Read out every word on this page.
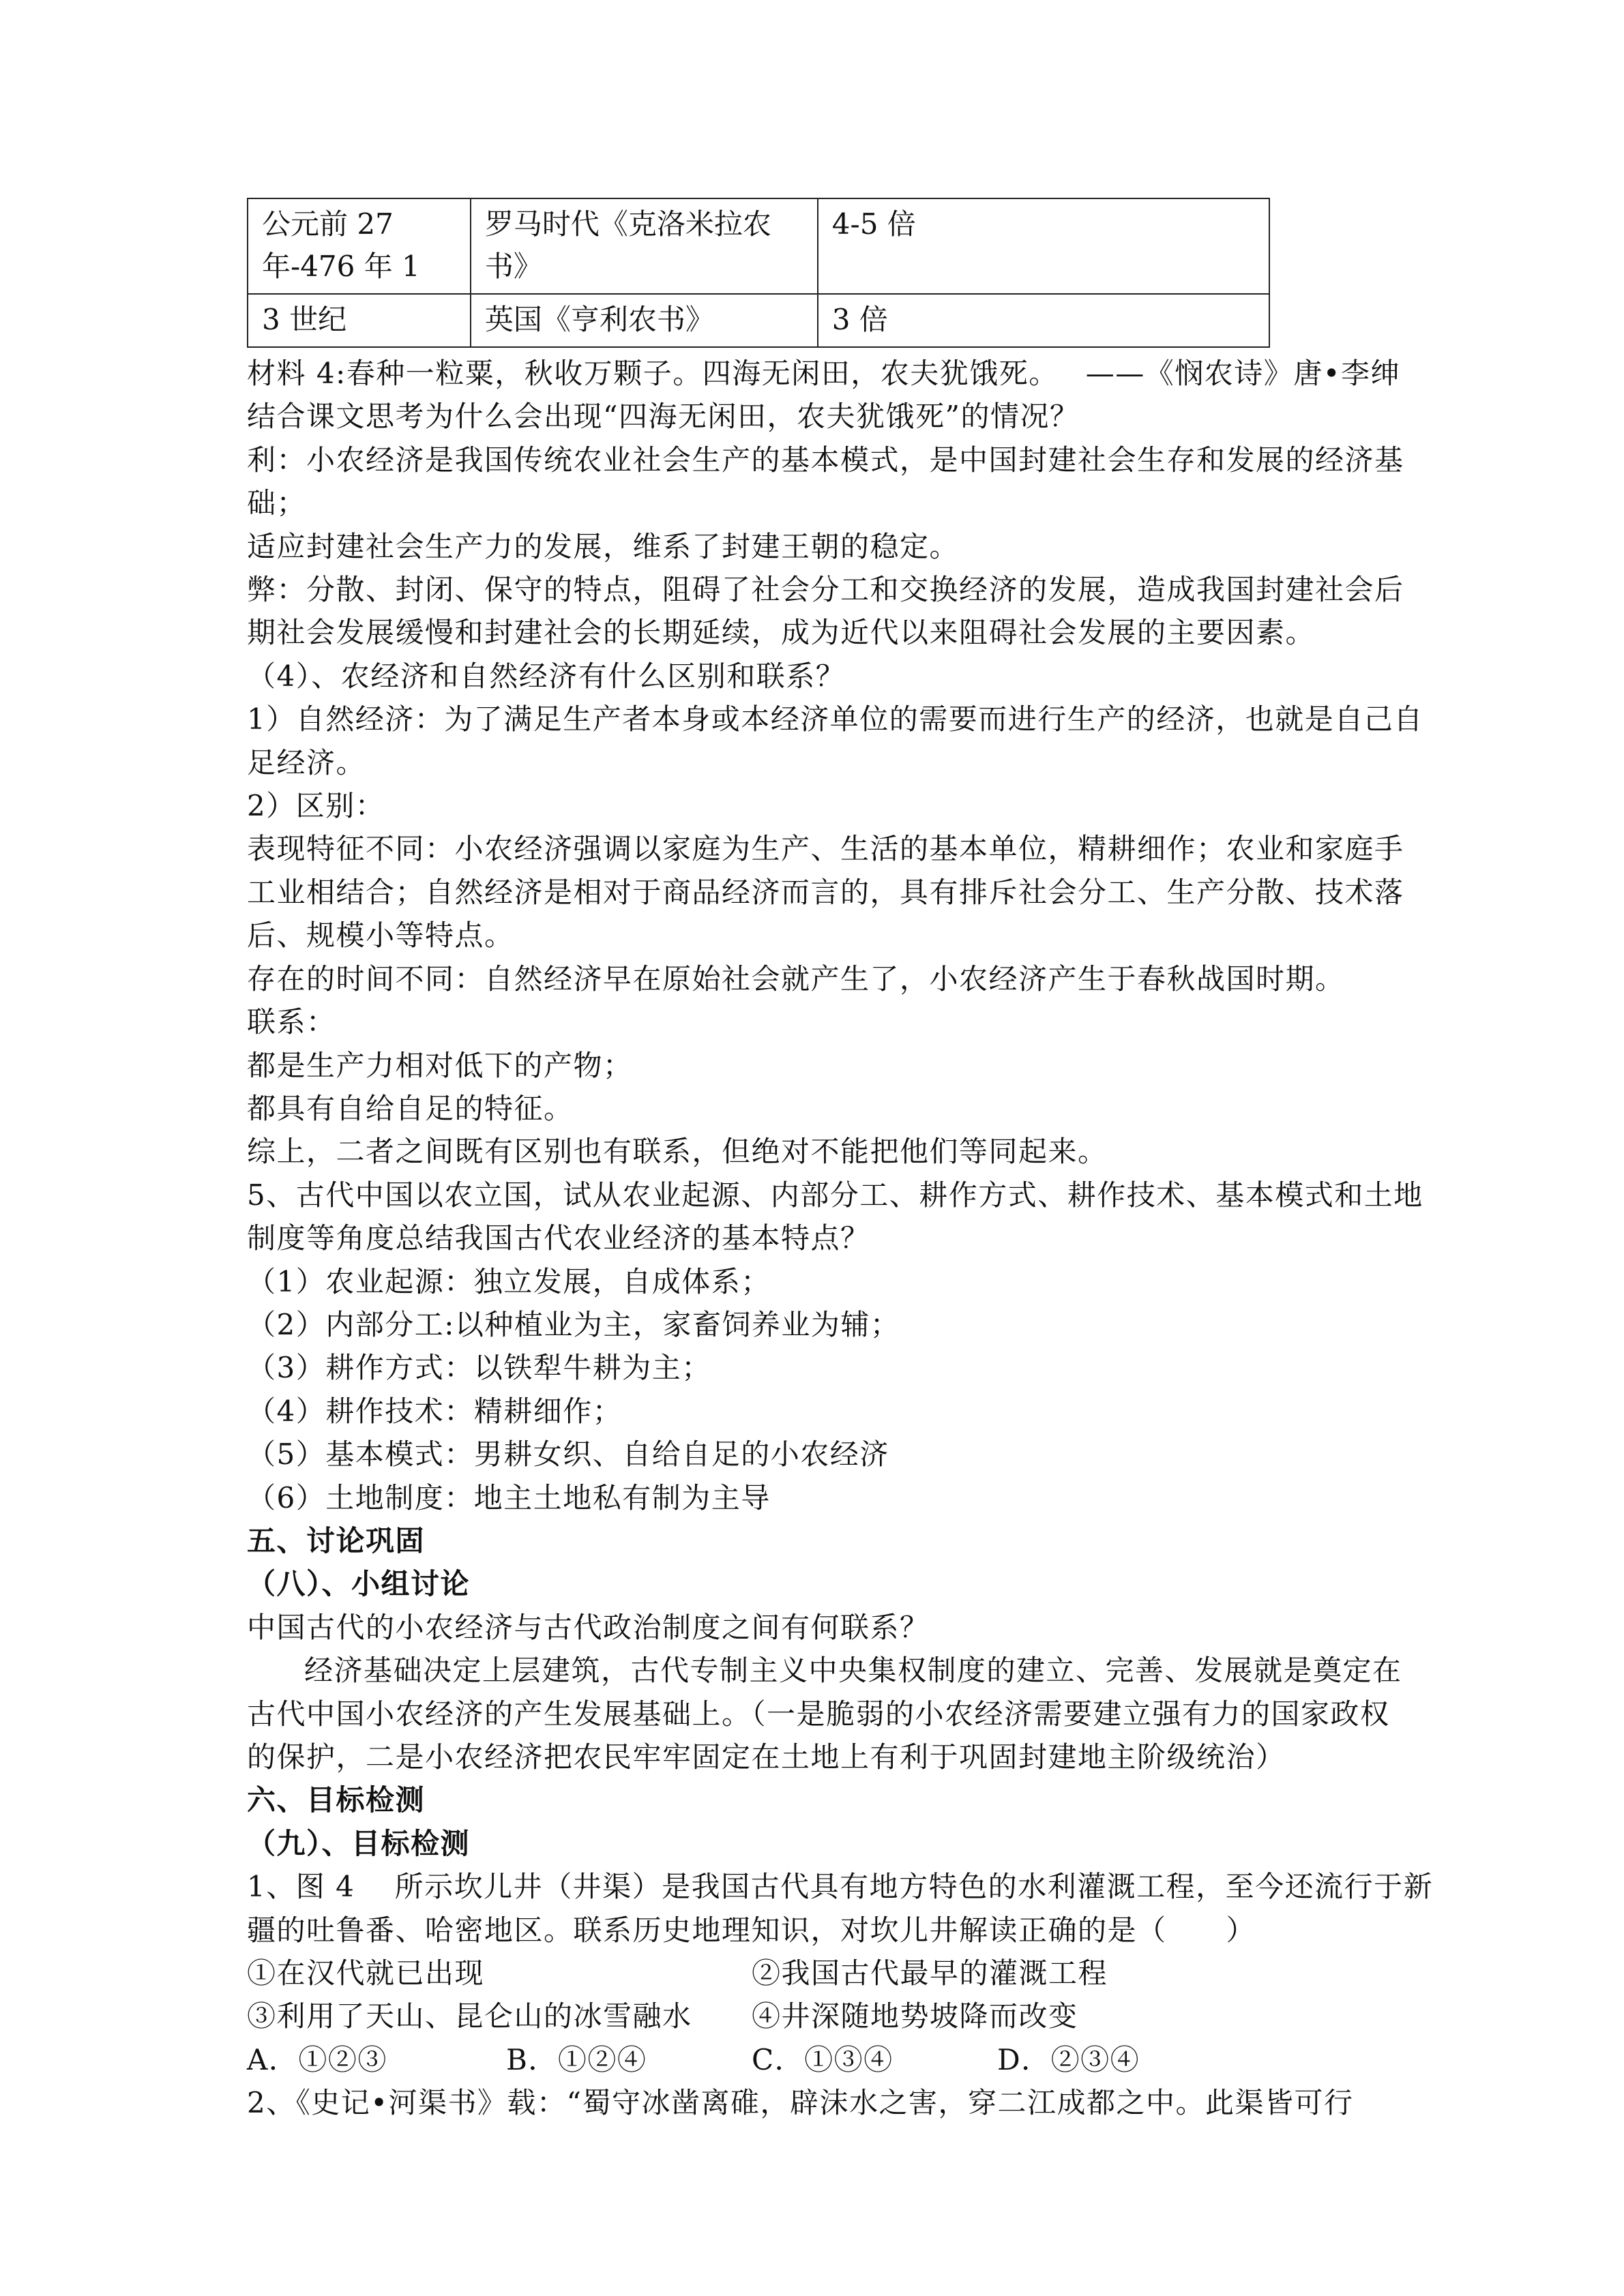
公元前 27 年-476 年 1	罗马时代《克洛米拉农书》	4-5 倍
3 世纪	英国《亨利农书》	3 倍
材料 4:春种一粒粟，秋收万颗子。四海无闲田，农夫犹饿死。 ——《悯农诗》唐•李绅
结合课文思考为什么会出现“四海无闲田，农夫犹饿死”的情况？
利：小农经济是我国传统农业社会生产的基本模式，是中国封建社会生存和发展的经济基
础；
适应封建社会生产力的发展，维系了封建王朝的稳定。
弊：分散、封闭、保守的特点，阻碍了社会分工和交换经济的发展，造成我国封建社会后
期社会发展缓慢和封建社会的长期延续，成为近代以来阻碍社会发展的主要因素。
（4）、农经济和自然经济有什么区别和联系？
1）自然经济：为了满足生产者本身或本经济单位的需要而进行生产的经济，也就是自己自
足经济。
2）区别：
表现特征不同：小农经济强调以家庭为生产、生活的基本单位，精耕细作；农业和家庭手
工业相结合；自然经济是相对于商品经济而言的，具有排斥社会分工、生产分散、技术落
后、规模小等特点。
存在的时间不同：自然经济早在原始社会就产生了，小农经济产生于春秋战国时期。
联系：
都是生产力相对低下的产物；
都具有自给自足的特征。
综上，二者之间既有区别也有联系，但绝对不能把他们等同起来。
5、古代中国以农立国，试从农业起源、内部分工、耕作方式、耕作技术、基本模式和土地
制度等角度总结我国古代农业经济的基本特点？
（1）农业起源：独立发展，自成体系；
（2）内部分工:以种植业为主，家畜饲养业为辅；
（3）耕作方式：以铁犁牛耕为主；
（4）耕作技术：精耕细作；
（5）基本模式：男耕女织、自给自足的小农经济
（6）土地制度：地主土地私有制为主导
五、讨论巩固
（八）、小组讨论
中国古代的小农经济与古代政治制度之间有何联系？
经济基础决定上层建筑，古代专制主义中央集权制度的建立、完善、发展就是奠定在
古代中国小农经济的产生发展基础上。（一是脆弱的小农经济需要建立强有力的国家政权
的保护，二是小农经济把农民牢牢固定在土地上有利于巩固封建地主阶级统治）
六、目标检测
（九）、目标检测
1、图 4　 所示坎儿井（井渠）是我国古代具有地方特色的水利灌溉工程，至今还流行于新
疆的吐鲁番、哈密地区。联系历史地理知识，对坎儿井解读正确的是（　　）
①在汉代就已出现	②我国古代最早的灌溉工程
③利用了天山、昆仑山的冰雪融水 ④井深随地势坡降而改变
A．①②③	B．①②④	C．①③④	D．②③④
2、《史记•河渠书》载：“蜀守冰凿离碓，辟沫水之害，穿二江成都之中。此渠皆可行
